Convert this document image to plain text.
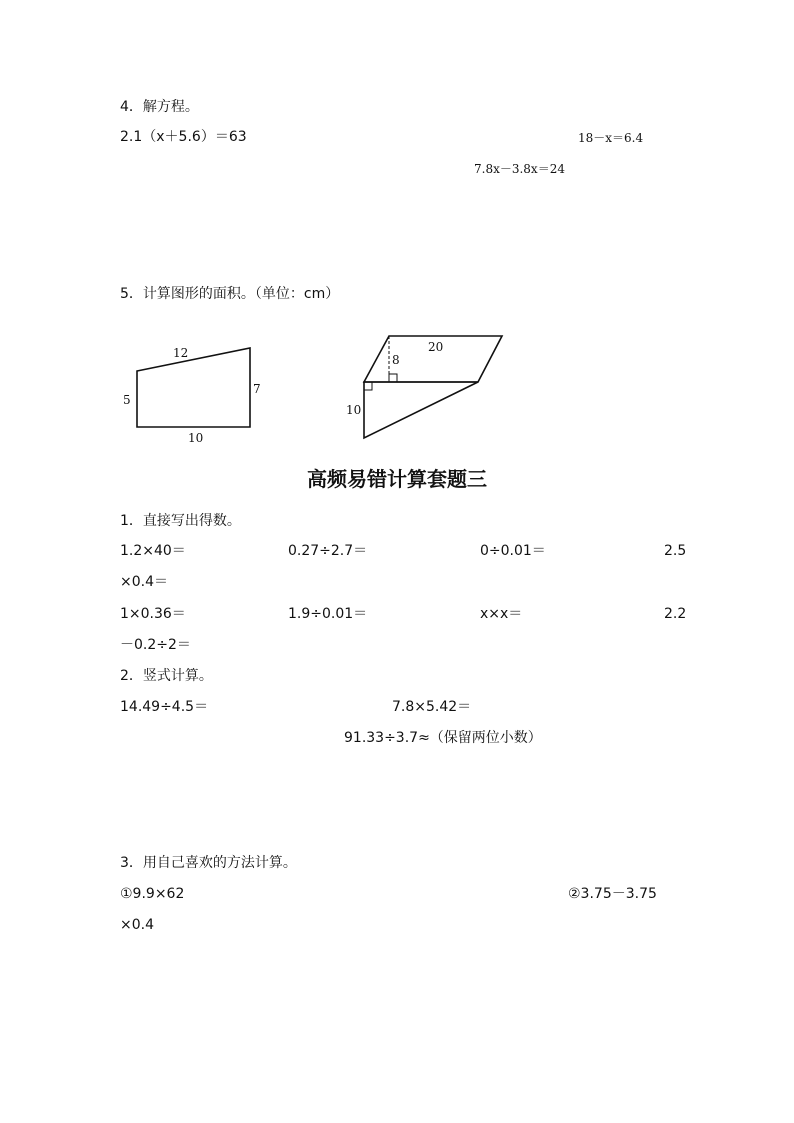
4．解方程。
2.1（x＋5.6）＝63	18－x＝6.4
7.8x－3.8x＝24
5．计算图形的面积。（单位：cm）
12
5
7
10
20
8
10
高频易错计算套题三
1．直接写出得数。
1.2×40＝	0.27÷2.7＝	0÷0.01＝	2.5
×0.4＝
1×0.36＝	1.9÷0.01＝	x×x＝	2.2
－0.2÷2＝
2．竖式计算。
14.49÷4.5＝	7.8×5.42＝
91.33÷3.7≈（保留两位小数）
3．用自己喜欢的方法计算。
①9.9×62	②3.75－3.75
×0.4
